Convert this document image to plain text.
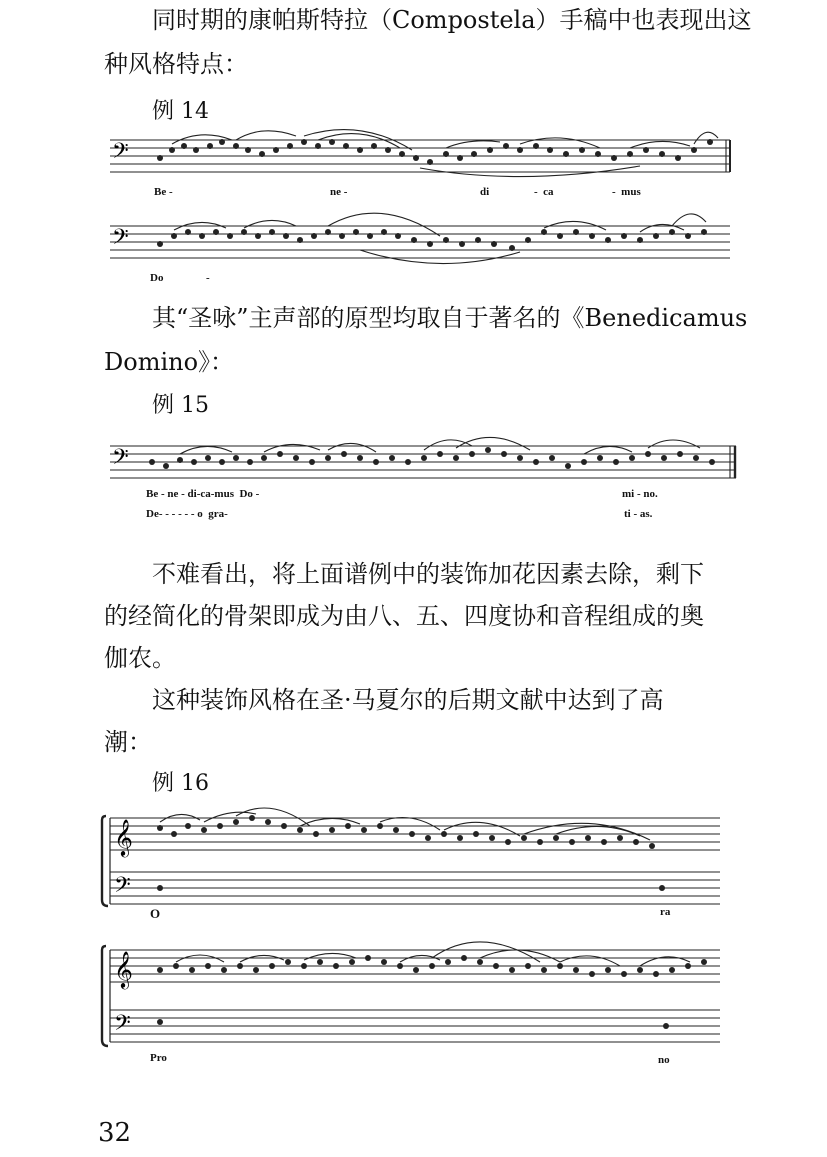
同时期的康帕斯特拉（Compostela）手稿中也表现出这
种风格特点：
例 14
𝄢
𝄢
𝄢
𝄞
𝄢
𝄞
𝄢
Be -	ne -	di	-  ca	-  mus
Do	-
其“圣咏”主声部的原型均取自于著名的《Benedicamus
Domino》：
例 15
Be - ne - di-ca-mus  Do -	mi - no.
De- - - - - - o  gra-	ti - as.
不难看出，将上面谱例中的装饰加花因素去除，剩下
的经简化的骨架即成为由八、五、四度协和音程组成的奥
伽农。
这种装饰风格在圣·马夏尔的后期文献中达到了高
潮：
例 16
O	ra
Pro	no
32
